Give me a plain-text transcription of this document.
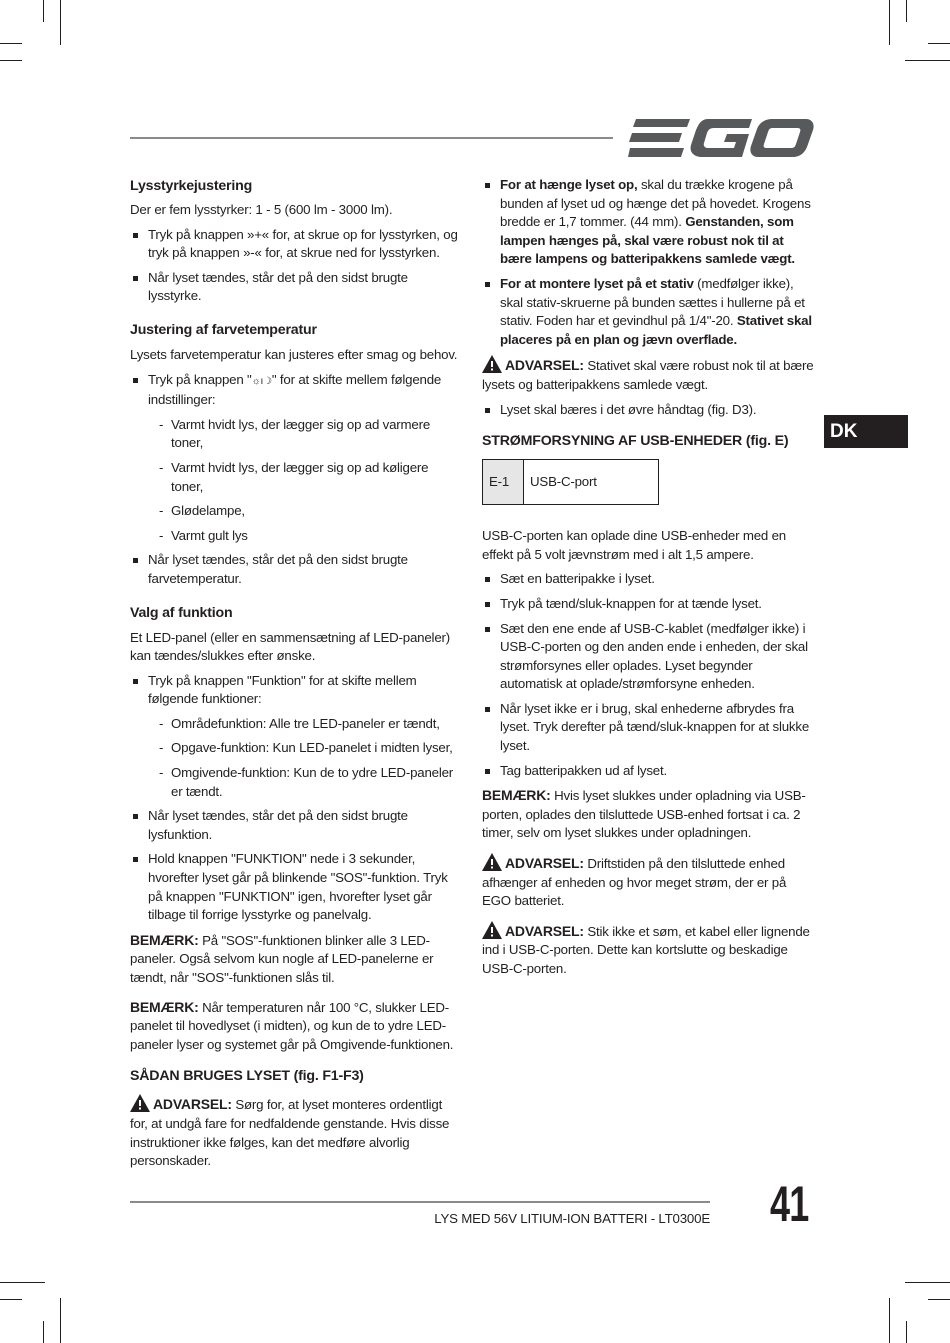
DK
Lysstyrkejustering

Der er fem lysstyrker: 1 - 5 (600 lm - 3000 lm).

Tryk på knappen »+« for, at skrue op for lysstyrken, og tryk på knappen »-« for, at skrue ned for lysstyrken.
Når lyset tændes, står det på den sidst brugte lysstyrke.
Justering af farvetemperatur

Lysets farvetemperatur kan justeres efter smag og behov.

Tryk på knappen "☼ı☽" for at skifte mellem følgende indstillinger:
- Varmt hvidt lys, der lægger sig op ad varmere toner,
- Varmt hvidt lys, der lægger sig op ad køligere toner,
- Glødelampe,
- Varmt gult lys
Når lyset tændes, står det på den sidst brugte farvetemperatur.
Valg af funktion

Et LED-panel (eller en sammensætning af LED-paneler) kan tændes/slukkes efter ønske.

Tryk på knappen "Funktion" for at skifte mellem følgende funktioner:
- Områdefunktion: Alle tre LED-paneler er tændt,
- Opgave-funktion: Kun LED-panelet i midten lyser,
- Omgivende-funktion: Kun de to ydre LED-paneler er tændt.
Når lyset tændes, står det på den sidst brugte lysfunktion.
Hold knappen "FUNKTION" nede i 3 sekunder, hvorefter lyset går på blinkende "SOS"-funktion. Tryk på knappen "FUNKTION" igen, hvorefter lyset går tilbage til forrige lysstyrke og panelvalg.

BEMÆRK: På "SOS"-funktionen blinker alle 3 LED-paneler. Også selvom kun nogle af LED-panelerne er tændt, når "SOS"-funktionen slås til.

BEMÆRK: Når temperaturen når 100 °C, slukker LED-panelet til hovedlyset (i midten), og kun de to ydre LED-paneler lyser og systemet går på Omgivende-funktionen.

SÅDAN BRUGES LYSET (fig. F1-F3)

ADVARSEL: Sørg for, at lyset monteres ordentligt for, at undgå fare for nedfaldende genstande. Hvis disse instruktioner ikke følges, kan det medføre alvorlig personskader.

For at hænge lyset op, skal du trække krogene på bunden af lyset ud og hænge det på hovedet. Krogens bredde er 1,7 tommer. (44 mm). Genstanden, som lampen hænges på, skal være robust nok til at bære lampens og batteripakkens samlede vægt.
For at montere lyset på et stativ (medfølger ikke), skal stativ-skruerne på bunden sættes i hullerne på et stativ. Foden har et gevindhul på 1/4"-20. Stativet skal placeres på en plan og jævn overflade.

ADVARSEL: Stativet skal være robust nok til at bære lysets og batteripakkens samlede vægt.

Lyset skal bæres i det øvre håndtag (fig. D3).
STRØMFORSYNING AF USB-ENHEDER (fig. E)
E-1	USB-C-port

USB-C-porten kan oplade dine USB-enheder med en effekt på 5 volt jævnstrøm med i alt 1,5 ampere.

Sæt en batteripakke i lyset.
Tryk på tænd/sluk-knappen for at tænde lyset.
Sæt den ene ende af USB-C-kablet (medfølger ikke) i USB-C-porten og den anden ende i enheden, der skal strømforsynes eller oplades. Lyset begynder automatisk at oplade/strømforsyne enheden.
Når lyset ikke er i brug, skal enhederne afbrydes fra lyset. Tryk derefter på tænd/sluk-knappen for at slukke lyset.
Tag batteripakken ud af lyset.

BEMÆRK: Hvis lyset slukkes under opladning via USB-porten, oplades den tilsluttede USB-enhed fortsat i ca. 2 timer, selv om lyset slukkes under opladningen.

ADVARSEL: Driftstiden på den tilsluttede enhed afhænger af enheden og hvor meget strøm, der er på EGO batteriet.

ADVARSEL: Stik ikke et søm, et kabel eller lignende ind i USB-C-porten. Dette kan kortslutte og beskadige USB-C-porten.

LYS MED 56V LITIUM-ION BATTERI - LT0300E 41
